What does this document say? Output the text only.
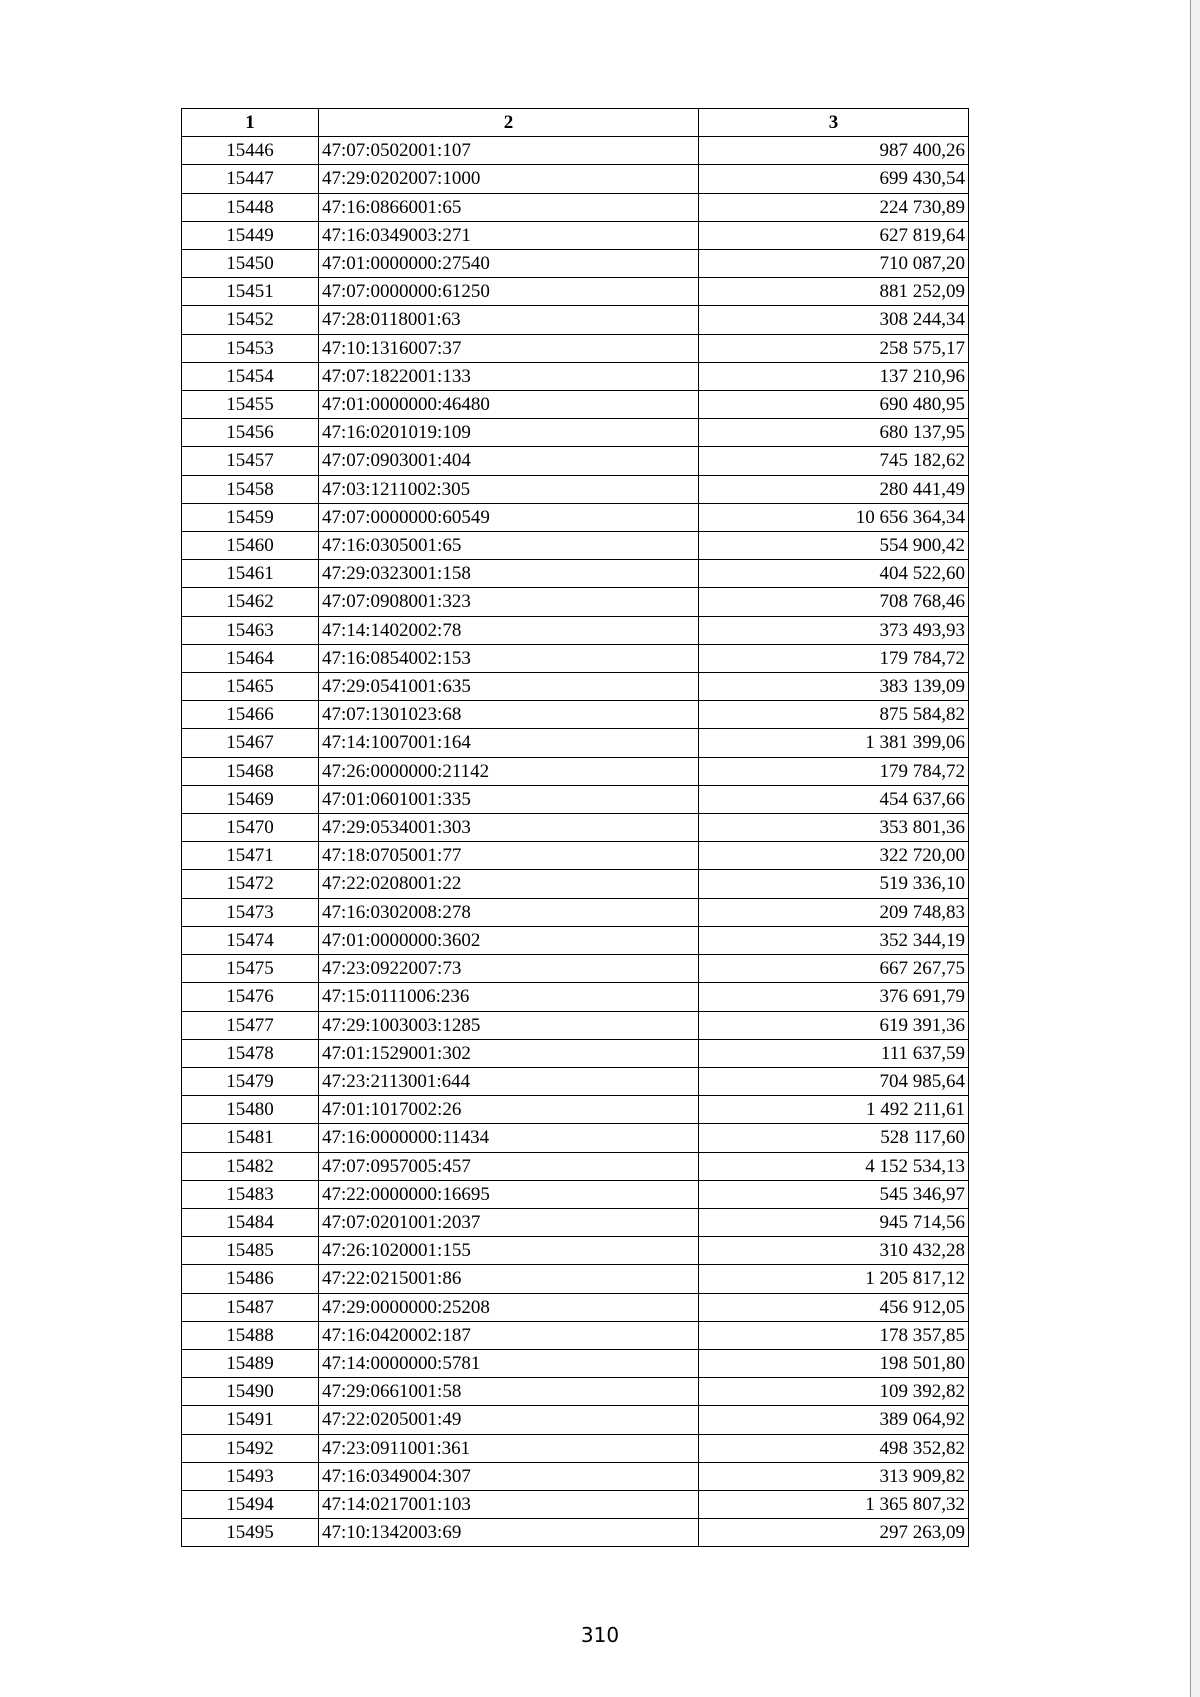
1	2	3
15446	47:07:0502001:107	987 400,26
15447	47:29:0202007:1000	699 430,54
15448	47:16:0866001:65	224 730,89
15449	47:16:0349003:271	627 819,64
15450	47:01:0000000:27540	710 087,20
15451	47:07:0000000:61250	881 252,09
15452	47:28:0118001:63	308 244,34
15453	47:10:1316007:37	258 575,17
15454	47:07:1822001:133	137 210,96
15455	47:01:0000000:46480	690 480,95
15456	47:16:0201019:109	680 137,95
15457	47:07:0903001:404	745 182,62
15458	47:03:1211002:305	280 441,49
15459	47:07:0000000:60549	10 656 364,34
15460	47:16:0305001:65	554 900,42
15461	47:29:0323001:158	404 522,60
15462	47:07:0908001:323	708 768,46
15463	47:14:1402002:78	373 493,93
15464	47:16:0854002:153	179 784,72
15465	47:29:0541001:635	383 139,09
15466	47:07:1301023:68	875 584,82
15467	47:14:1007001:164	1 381 399,06
15468	47:26:0000000:21142	179 784,72
15469	47:01:0601001:335	454 637,66
15470	47:29:0534001:303	353 801,36
15471	47:18:0705001:77	322 720,00
15472	47:22:0208001:22	519 336,10
15473	47:16:0302008:278	209 748,83
15474	47:01:0000000:3602	352 344,19
15475	47:23:0922007:73	667 267,75
15476	47:15:0111006:236	376 691,79
15477	47:29:1003003:1285	619 391,36
15478	47:01:1529001:302	111 637,59
15479	47:23:2113001:644	704 985,64
15480	47:01:1017002:26	1 492 211,61
15481	47:16:0000000:11434	528 117,60
15482	47:07:0957005:457	4 152 534,13
15483	47:22:0000000:16695	545 346,97
15484	47:07:0201001:2037	945 714,56
15485	47:26:1020001:155	310 432,28
15486	47:22:0215001:86	1 205 817,12
15487	47:29:0000000:25208	456 912,05
15488	47:16:0420002:187	178 357,85
15489	47:14:0000000:5781	198 501,80
15490	47:29:0661001:58	109 392,82
15491	47:22:0205001:49	389 064,92
15492	47:23:0911001:361	498 352,82
15493	47:16:0349004:307	313 909,82
15494	47:14:0217001:103	1 365 807,32
15495	47:10:1342003:69	297 263,09
310
